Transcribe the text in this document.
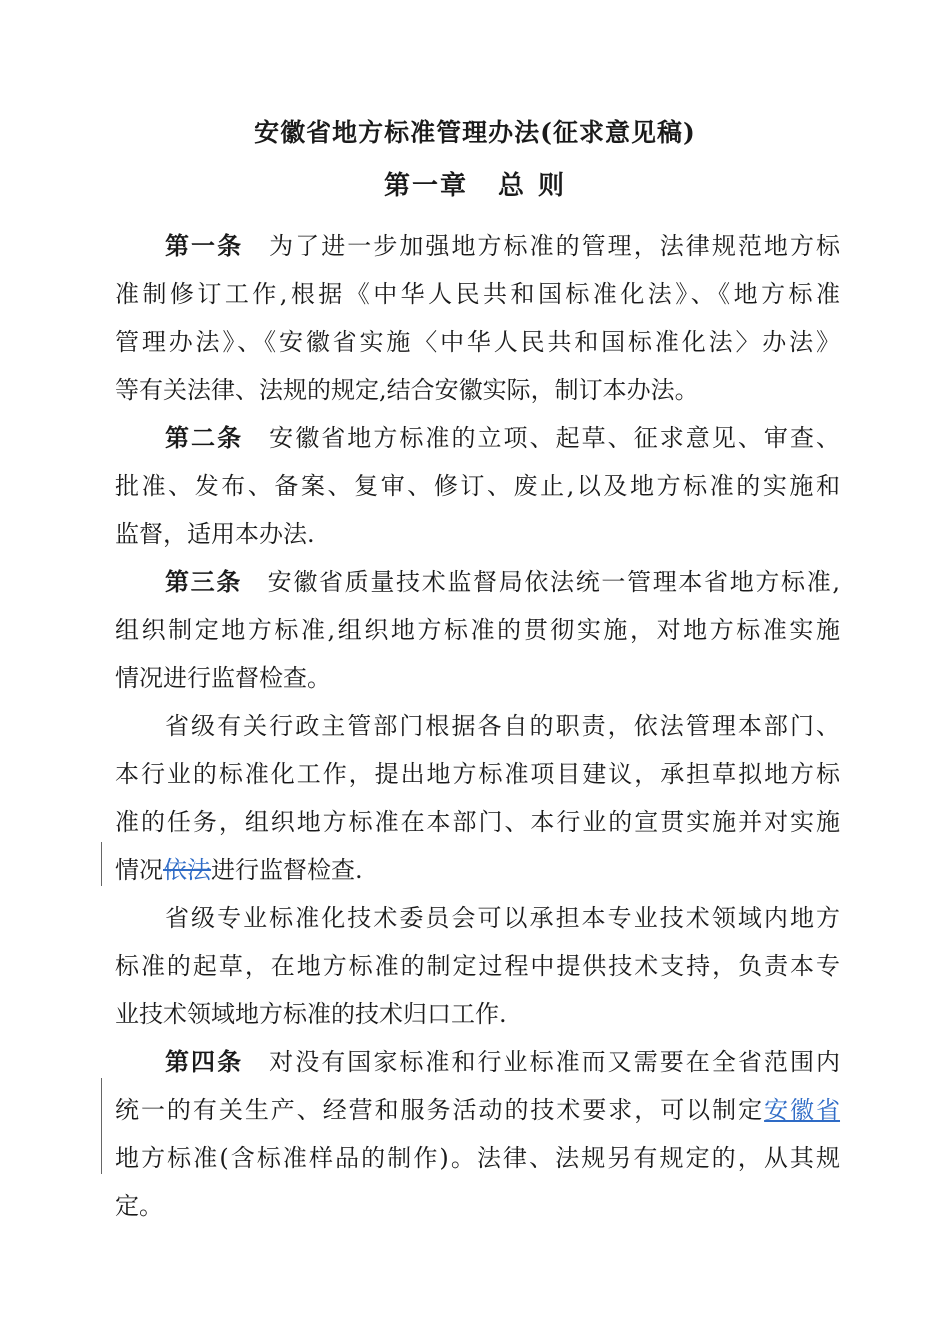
安徽省地方标准管理办法(征求意见稿)
第一章 总 则
第一条 为了进一步加强地方标准的管理，法律规范地方标
准制修订工作,根据《中华人民共和国标准化法》、《地方标准
管理办法》、《安徽省实施〈中华人民共和国标准化法〉办法》
等有关法律、法规的规定,结合安徽实际，制订本办法。
第二条 安徽省地方标准的立项、起草、征求意见、审查、
批准、发布、备案、复审、修订、废止,以及地方标准的实施和
监督，适用本办法.
第三条 安徽省质量技术监督局依法统一管理本省地方标准,
组织制定地方标准,组织地方标准的贯彻实施，对地方标准实施
情况进行监督检查。
省级有关行政主管部门根据各自的职责，依法管理本部门、
本行业的标准化工作，提出地方标准项目建议，承担草拟地方标
准的任务，组织地方标准在本部门、本行业的宣贯实施并对实施
情况依法进行监督检查.
省级专业标准化技术委员会可以承担本专业技术领域内地方
标准的起草，在地方标准的制定过程中提供技术支持，负责本专
业技术领域地方标准的技术归口工作.
第四条 对没有国家标准和行业标准而又需要在全省范围内
统一的有关生产、经营和服务活动的技术要求，可以制定安徽省
地方标准(含标准样品的制作)。法律、法规另有规定的，从其规
定。
